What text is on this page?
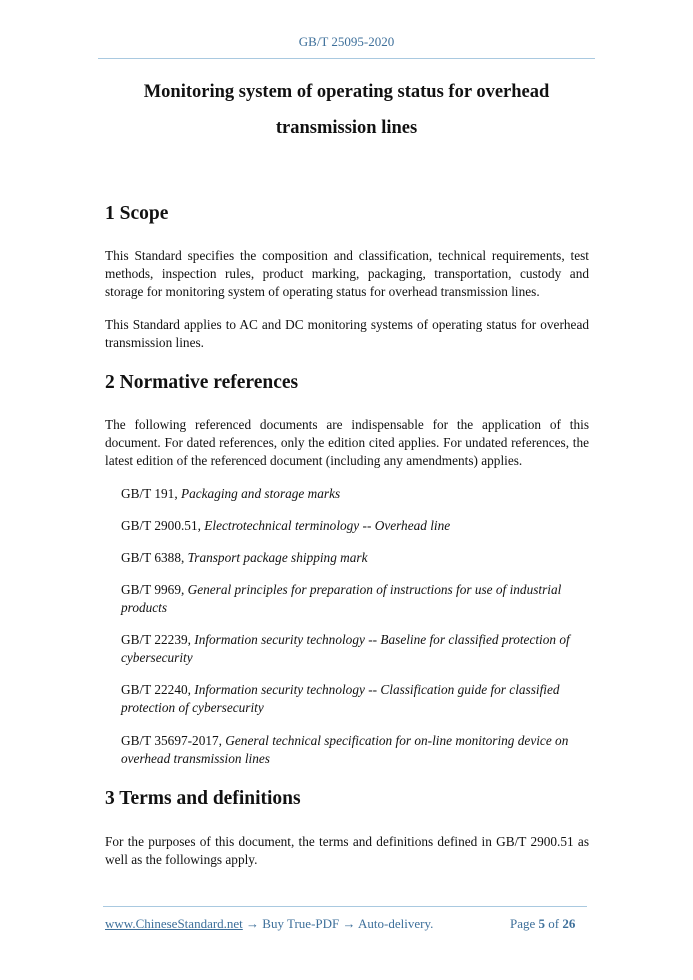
GB/T 25095-2020
Monitoring system of operating status for overhead
transmission lines
1 Scope
This Standard specifies the composition and classification, technical requirements, test methods, inspection rules, product marking, packaging, transportation, custody and storage for monitoring system of operating status for overhead transmission lines.
This Standard applies to AC and DC monitoring systems of operating status for overhead transmission lines.
2 Normative references
The following referenced documents are indispensable for the application of this document. For dated references, only the edition cited applies. For undated references, the latest edition of the referenced document (including any amendments) applies.
GB/T 191, Packaging and storage marks
GB/T 2900.51, Electrotechnical terminology -- Overhead line
GB/T 6388, Transport package shipping mark
GB/T 9969, General principles for preparation of instructions for use of industrial products
GB/T 22239, Information security technology -- Baseline for classified protection of cybersecurity
GB/T 22240, Information security technology -- Classification guide for classified protection of cybersecurity
GB/T 35697-2017, General technical specification for on-line monitoring device on overhead transmission lines
3 Terms and definitions
For the purposes of this document, the terms and definitions defined in GB/T 2900.51 as well as the followings apply.
www.ChineseStandard.net → Buy True-PDF → Auto-delivery.	Page 5 of 26
